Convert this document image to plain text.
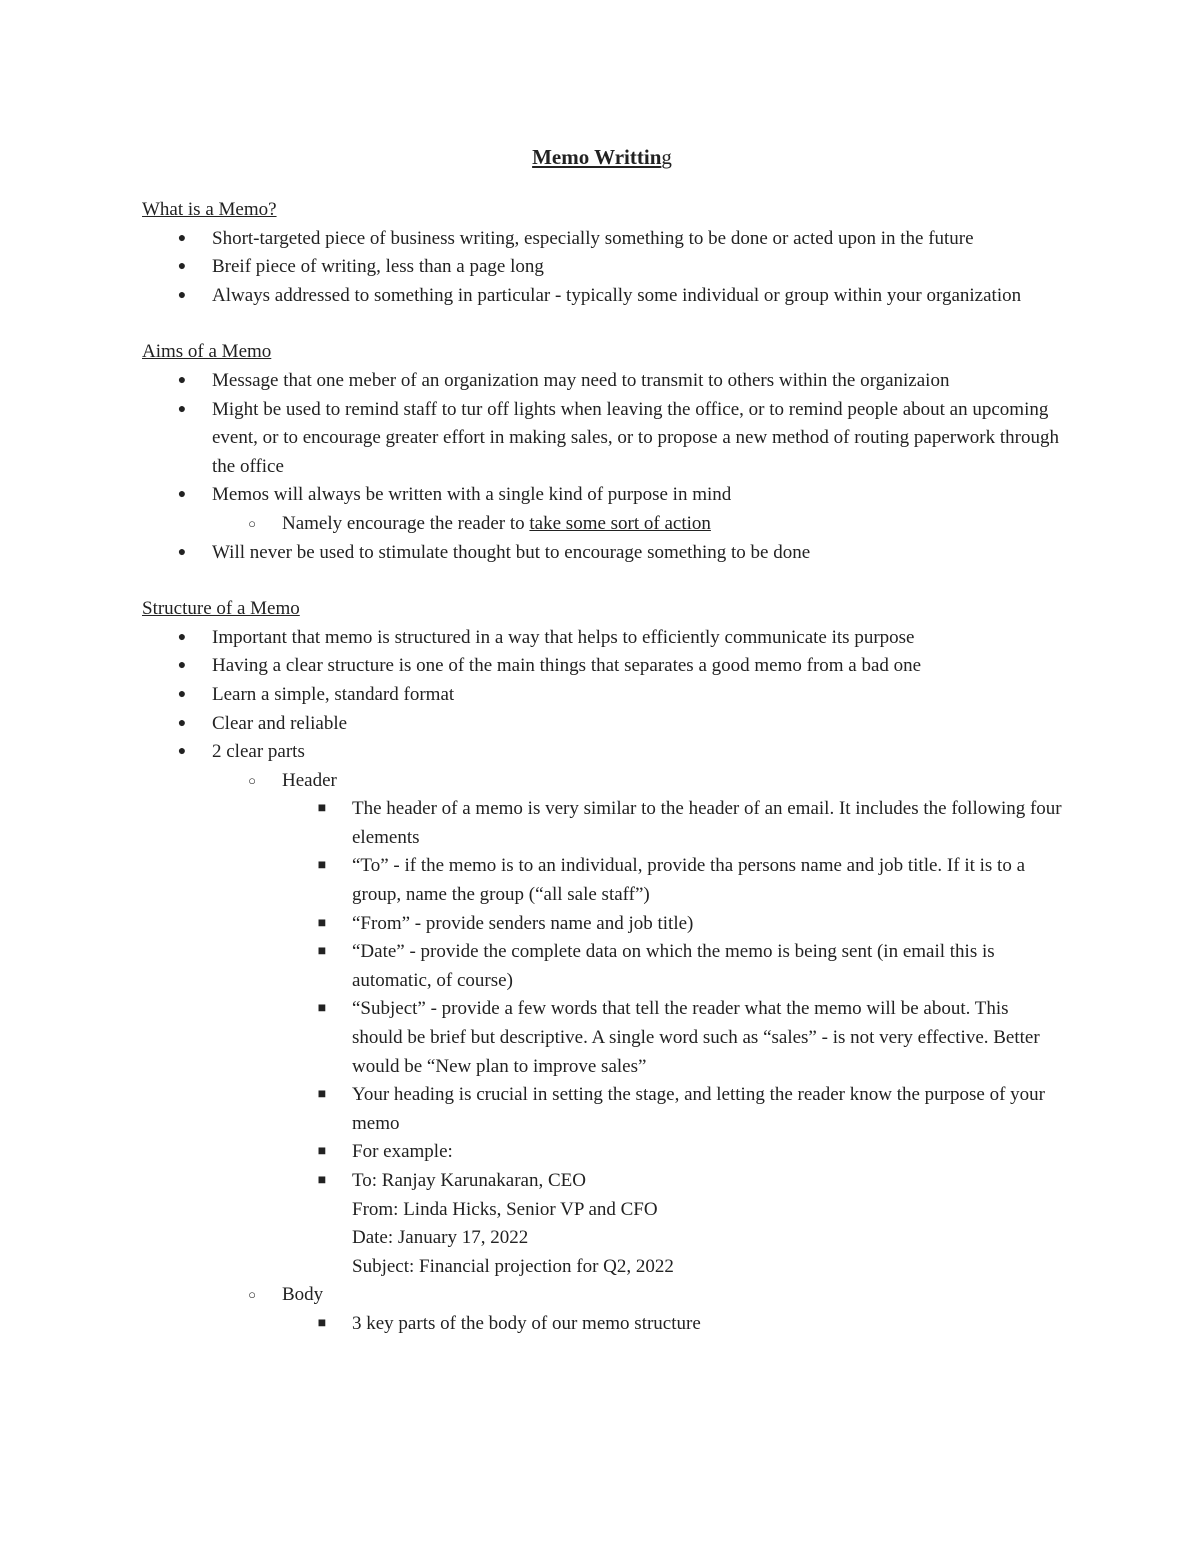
Memo Writting

What is a Memo?

●	Short-targeted piece of business writing, especially something to be done or acted upon in the future
●	Breif piece of writing, less than a page long
●	Always addressed to something in particular - typically some individual or group within your organization

Aims of a Memo

●	Message that one meber of an organization may need to transmit to others within the organizaion
●	Might be used to remind staff to tur off lights when leaving the office, or to remind people about an upcoming event, or to encourage greater effort in making sales, or to propose a new method of routing paperwork through the office
●	Memos will always be written with a single kind of purpose in mind
○	Namely encourage the reader to take some sort of action
●	Will never be used to stimulate thought but to encourage something to be done

Structure of a Memo

●	Important that memo is structured in a way that helps to efficiently communicate its purpose
●	Having a clear structure is one of the main things that separates a good memo from a bad one
●	Learn a simple, standard format
●	Clear and reliable
●	2 clear parts
○	Header
■	The header of a memo is very similar to the header of an email. It includes the following four elements
■	“To” - if the memo is to an individual, provide tha persons name and job title. If it is to a group, name the group (“all sale staff”)
■	“From” - provide senders name and job title)
■	“Date” - provide the complete data on which the memo is being sent (in email this is automatic, of course)
■	“Subject” - provide a few words that tell the reader what the memo will be about. This should be brief but descriptive. A single word such as “sales” - is not very effective. Better would be “New plan to improve sales”
■	Your heading is crucial in setting the stage, and letting the reader know the purpose of your memo
■	For example:
■	To: Ranjay Karunakaran, CEO
From: Linda Hicks, Senior VP and CFO
Date: January 17, 2022
Subject: Financial projection for Q2, 2022
○	Body
■	3 key parts of the body of our memo structure
